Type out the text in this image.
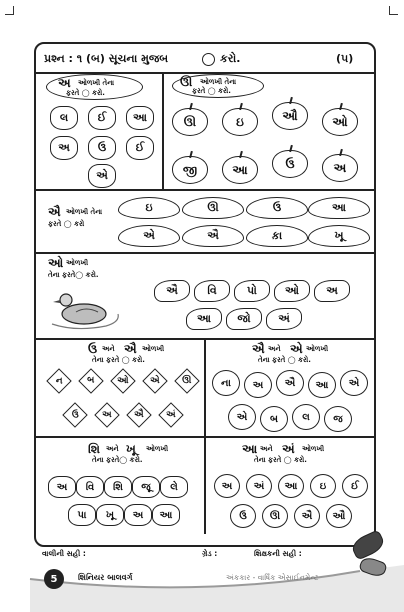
પ્રશ્ન : ૧ (બ) સૂચના મુજબ	કરો.	(૫)
અ ઓળખી તેના
ફરતે ◯ કરો.
લ	ઈ આ
અ	ઉ	ઈ
એ
ઊ ઓળખી તેના
ફરતે ◯ કરો.
ઊ	ઇ	ઔ	ઓ
જી	આ	ઉ	અ
ઐ ઓળખી તેના
ફરતે ◯ કરો
ઇ	ઊ	ઉ	આ
એ	ઐ	ક઼ા	ખૂ
ઓ ઓળખી
તેના ફરતે◯ કરો.
ઐ	વિ	પો	ઓ અ
આ જો	અં
ઉ અને ઐ ઓળખી
તેના ફરતે ◯ કરો.
ન	બ	ઓ એ	ઊ
ઉ	અ	ઐ	અં
ઐ અને એ ઓળખી
તેના ફરતે ◯ કરો.
ના અ ઐ આ એ
એ બ લ જ
શિ અને ખૂ ઓળખી
તેના ફરતે◯ કરો.
અ વિ શિ જૂ લે
પા ખૂ અ આ
આ અને અં ઓળખી
તેના ફરતે ◯ કરો.
અ અં આ ઇ ઈ
ઉ ઊ ઐ ઔ
વાલીની સહી :	ગ્રેડ :	શિક્ષકની સહી :
5	શિનિયર બાલવર્ગ	અંકકાર - વાર્ષિક એસાઈનમેન્ટ
